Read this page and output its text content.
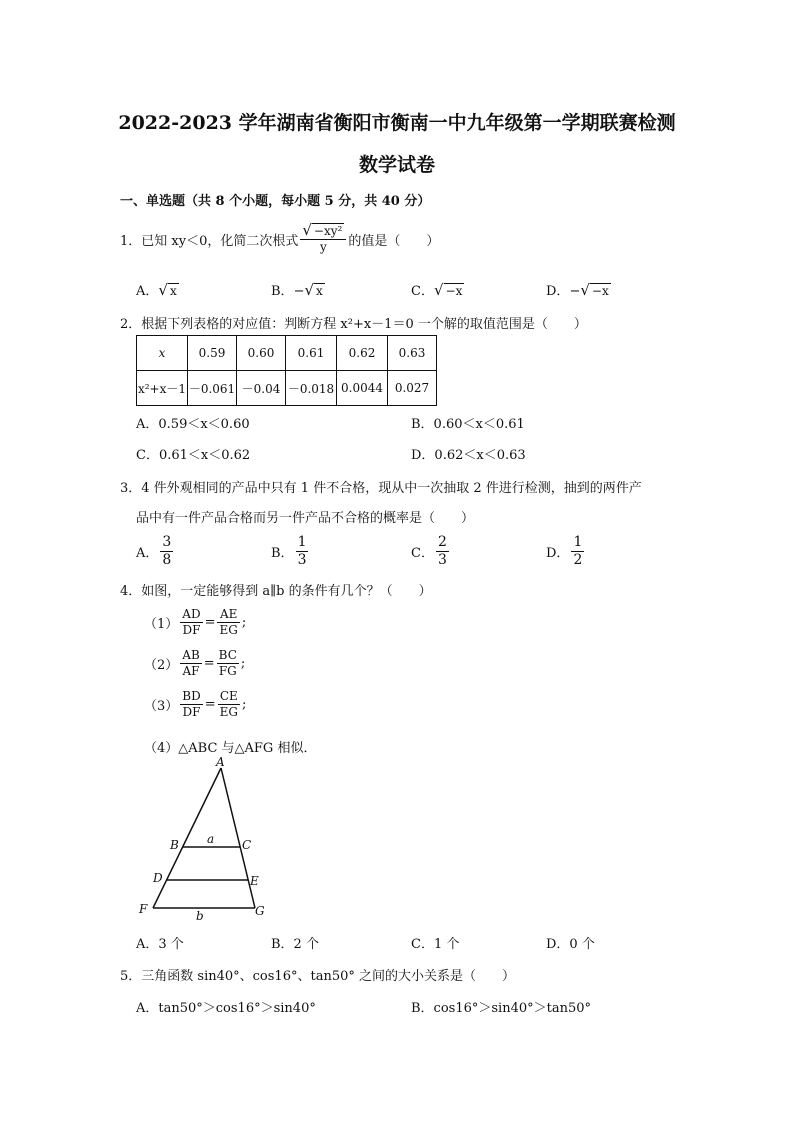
2022-2023 学年湖南省衡阳市衡南一中九年级第一学期联赛检测
数学试卷
一、单选题（共 8 个小题，每小题 5 分，共 40 分）
1．已知 xy＜0，化简二次根式 $\frac{\text{√ −xy²}}{y}$ 的值是（　　）
A．√ x	B．−√ x	C．√ −x	D．−√ −x
2．根据下列表格的对应值：判断方程 x²+x－1＝0 一个解的取值范围是（　　）
x	0.59	0.60	0.61	0.62	0.63
x²+x－1	－0.061	－0.04	－0.018	0.0044	0.027
A．0.59＜x＜0.60	B．0.60＜x＜0.61
C．0.61＜x＜0.62	D．0.62＜x＜0.63
3．4 件外观相同的产品中只有 1 件不合格，现从中一次抽取 2 件进行检测，抽到的两件产
品中有一件产品合格而另一件产品不合格的概率是（　　）
A． $\frac{3}{8}$	B． $\frac{1}{3}$	C． $\frac{2}{3}$	D． $\frac{1}{2}$
4．如图，一定能够得到 a∥b 的条件有几个？（　　）
$(1) \frac{AD}{DF} = \frac{AE}{EG}$ ;
$(2) \frac{AB}{AF} = \frac{BC}{FG}$ ;
$(3) \frac{BD}{DF} = \frac{CE}{EG}$ ;
（4）△ABC 与△AFG 相似．
A
B	C
D	E
F	G
a
b
A．3 个	B．2 个	C．1 个	D．0 个
5．三角函数 sin40°、cos16°、tan50° 之间的大小关系是（　　）
A．tan50°＞cos16°＞sin40°	B．cos16°＞sin40°＞tan50°
